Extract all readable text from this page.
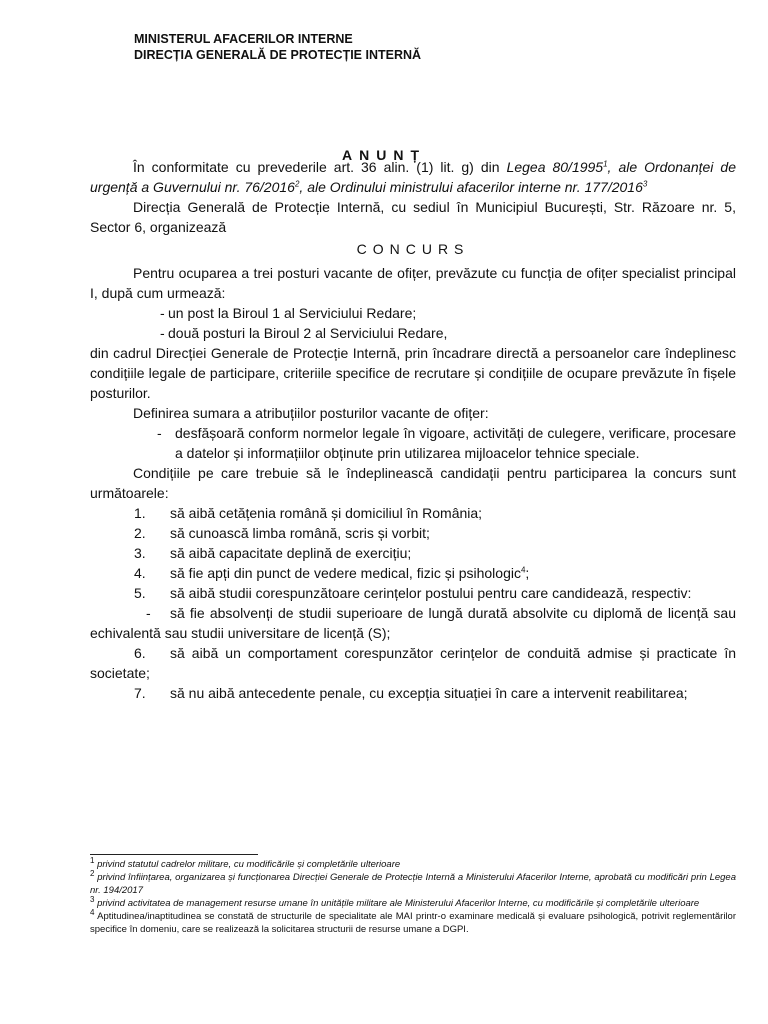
MINISTERUL AFACERILOR INTERNE
DIRECȚIA GENERALĂ DE PROTECȚIE INTERNĂ
ANUNȚ

În conformitate cu prevederile art. 36 alin. (1) lit. g) din Legea 80/1995$^1$, ale Ordonanței de urgență a Guvernului nr. 76/2016$^2$, ale Ordinului ministrului afacerilor interne nr. 177/2016$^3$

Direcția Generală de Protecție Internă, cu sediul în Municipiul București, Str. Răzoare nr. 5, Sector 6, organizează

CONCURS

Pentru ocuparea a trei posturi vacante de ofițer, prevăzute cu funcția de ofițer specialist principal I, după cum urmează:

- un post la Biroul 1 al Serviciului Redare;

- două posturi la Biroul 2 al Serviciului Redare,

din cadrul Direcției Generale de Protecție Internă, prin încadrare directă a persoanelor care îndeplinesc condițiile legale de participare, criteriile specifice de recrutare și condițiile de ocupare prevăzute în fișele posturilor.

Definirea sumara a atribuțiilor posturilor vacante de ofițer:

- desfășoară conform normelor legale în vigoare, activități de culegere, verificare, procesare a datelor și informațiilor obținute prin utilizarea mijloacelor tehnice speciale.

Condițiile pe care trebuie să le îndeplinească candidații pentru participarea la concurs sunt următoarele:

1. să aibă cetățenia română și domiciliul în România;

2. să cunoască limba română, scris și vorbit;

3. să aibă capacitate deplină de exercițiu;

4. să fie apți din punct de vedere medical, fizic și psihologic$^4$;

5. să aibă studii corespunzătoare cerințelor postului pentru care candidează, respectiv:

- să fie absolvenți de studii superioare de lungă durată absolvite cu diplomă de licență sau echivalentă sau studii universitare de licență (S);

6. să aibă un comportament corespunzător cerințelor de conduită admise și practicate în societate;

7. să nu aibă antecedente penale, cu excepția situației în care a intervenit reabilitarea;

$^1$ privind statutul cadrelor militare, cu modificările și completările ulterioare

$^2$ privind înființarea, organizarea și funcționarea Direcției Generale de Protecție Internă a Ministerului Afacerilor Interne, aprobată cu modificări prin Legea nr. 194/2017

$^3$ privind activitatea de management resurse umane în unitățile militare ale Ministerului Afacerilor Interne, cu modificările și completările ulterioare

$^4$ Aptitudinea/inaptitudinea se constată de structurile de specialitate ale MAI printr-o examinare medicală și evaluare psihologică, potrivit reglementărilor specifice în domeniu, care se realizează la solicitarea structurii de resurse umane a DGPI.
